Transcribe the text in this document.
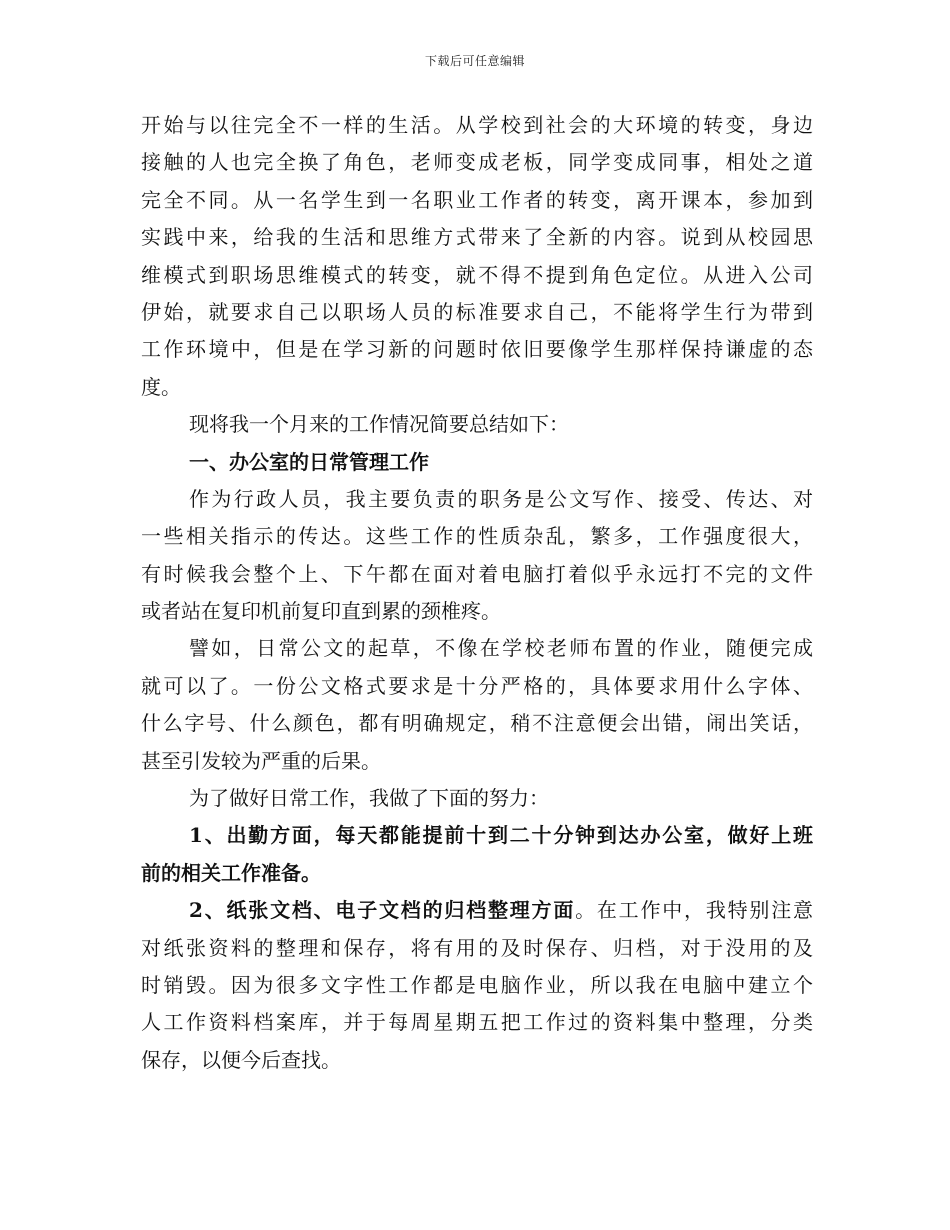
下载后可任意编辑
开始与以往完全不一样的生活。从学校到社会的大环境的转变，身边
接触的人也完全换了角色，老师变成老板，同学变成同事，相处之道
完全不同。从一名学生到一名职业工作者的转变，离开课本，参加到
实践中来，给我的生活和思维方式带来了全新的内容。说到从校园思
维模式到职场思维模式的转变，就不得不提到角色定位。从进入公司
伊始，就要求自己以职场人员的标准要求自己，不能将学生行为带到
工作环境中，但是在学习新的问题时依旧要像学生那样保持谦虚的态
度。
现将我一个月来的工作情况简要总结如下：
一、办公室的日常管理工作
作为行政人员，我主要负责的职务是公文写作、接受、传达、对
一些相关指示的传达。这些工作的性质杂乱，繁多，工作强度很大，
有时候我会整个上、下午都在面对着电脑打着似乎永远打不完的文件
或者站在复印机前复印直到累的颈椎疼。
譬如，日常公文的起草，不像在学校老师布置的作业，随便完成
就可以了。一份公文格式要求是十分严格的，具体要求用什么字体、
什么字号、什么颜色，都有明确规定，稍不注意便会出错，闹出笑话，
甚至引发较为严重的后果。
为了做好日常工作，我做了下面的努力：
1、出勤方面，每天都能提前十到二十分钟到达办公室，做好上班
前的相关工作准备。
2、纸张文档、电子文档的归档整理方面。在工作中，我特别注意
对纸张资料的整理和保存，将有用的及时保存、归档，对于没用的及
时销毁。因为很多文字性工作都是电脑作业，所以我在电脑中建立个
人工作资料档案库，并于每周星期五把工作过的资料集中整理，分类
保存，以便今后查找。
